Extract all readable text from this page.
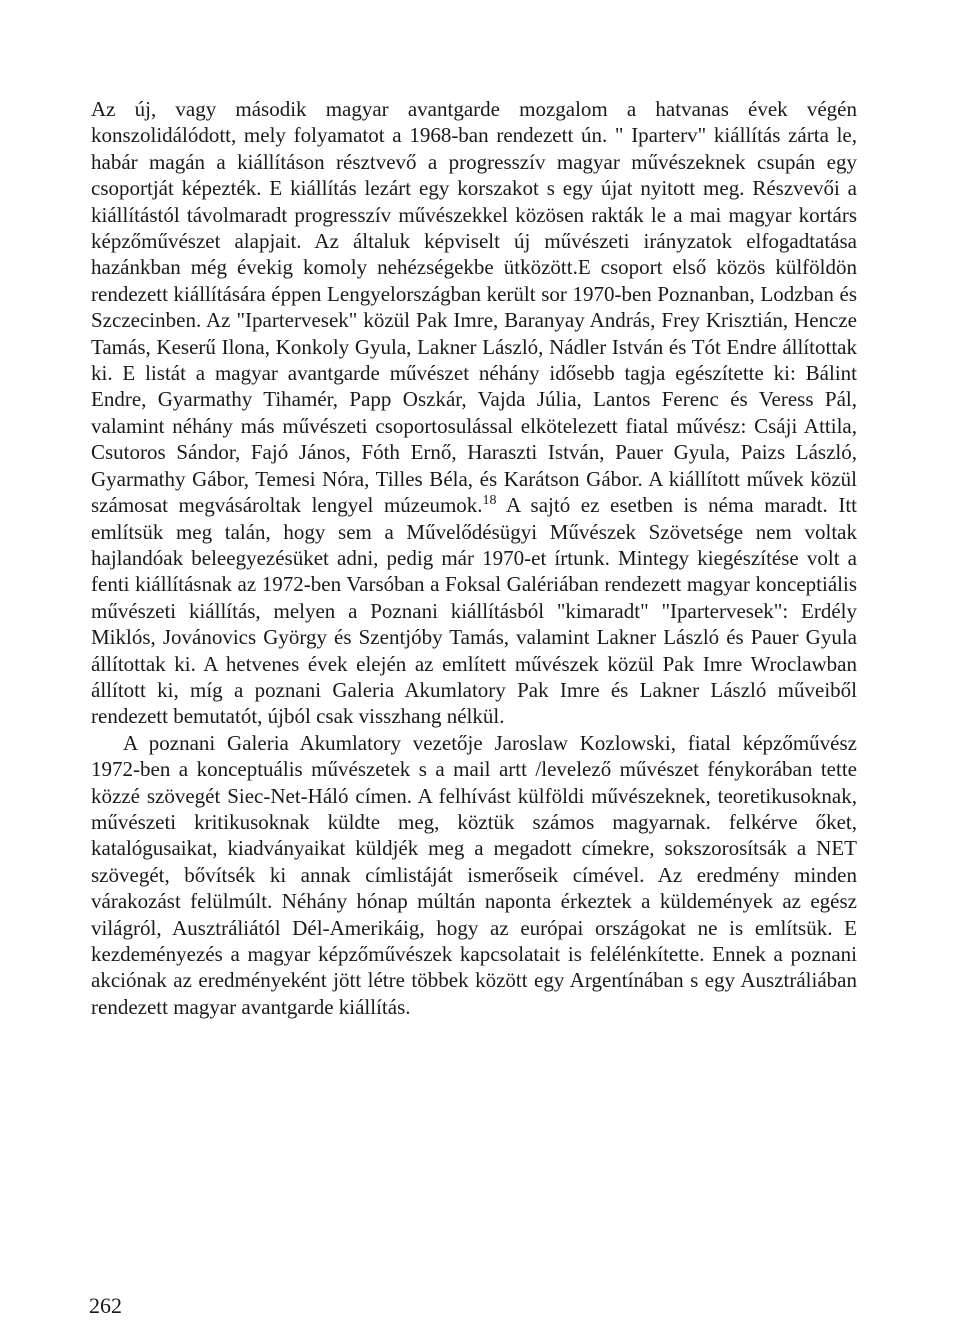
Az új, vagy második magyar avantgarde mozgalom a hatvanas évek végén konszolidálódott, mely folyamatot a 1968-ban rendezett ún. " Iparterv" kiállítás zárta le, habár magán a kiállításon résztvevő a progresszív magyar művészeknek csupán egy csoportját képezték. E kiállítás lezárt egy korszakot s egy újat nyitott meg. Részvevői a kiállítástól távolmaradt progresszív művészekkel közösen rakták le a mai magyar kortárs képzőművészet alapjait. Az általuk képviselt új művészeti irányzatok elfogadtatása hazánkban még évekig komoly nehézségekbe ütközött.E csoport első közös külföldön rendezett kiállítására éppen Lengyelországban került sor 1970-ben Poznanban, Lodzban és Szczecinben. Az "Ipartervesek" közül Pak Imre, Baranyay András, Frey Krisztián, Hencze Tamás, Keserű Ilona, Konkoly Gyula, Lakner László, Nádler István és Tót Endre állítottak ki. E listát a magyar avantgarde művészet néhány idősebb tagja egészítette ki: Bálint Endre, Gyarmathy Tihamér, Papp Oszkár, Vajda Júlia, Lantos Ferenc és Veress Pál, valamint néhány más művészeti csoportosulással elkötelezett fiatal művész: Csáji Attila, Csutoros Sándor, Fajó János, Fóth Ernő, Haraszti István, Pauer Gyula, Paizs László, Gyarmathy Gábor, Temesi Nóra, Tilles Béla, és Karátson Gábor. A kiállított művek közül számosat megvásároltak lengyel múzeumok.$^{18}$ A sajtó ez esetben is néma maradt. Itt említsük meg talán, hogy sem a Művelődésügyi Művészek Szövetsége nem voltak hajlandóak beleegyezésüket adni, pedig már 1970-et írtunk. Mintegy kiegészítése volt a fenti kiállításnak az 1972-ben Varsóban a Foksal Galériában rendezett magyar konceptiális művészeti kiállítás, melyen a Poznani kiállításból "kimaradt" "Ipartervesek": Erdély Miklós, Jovánovics György és Szentjóby Tamás, valamint Lakner László és Pauer Gyula állítottak ki. A hetvenes évek elején az említett művészek közül Pak Imre Wroclawban állított ki, míg a poznani Galeria Akumlatory Pak Imre és Lakner László műveiből rendezett bemutatót, újból csak visszhang nélkül.

A poznani Galeria Akumlatory vezetője Jaroslaw Kozlowski, fiatal képzőművész 1972-ben a konceptuális művészetek s a mail artt /levelező művészet fénykorában tette közzé szövegét Siec-Net-Háló címen. A felhívást külföldi művészeknek, teoretikusoknak, művészeti kritikusoknak küldte meg, köztük számos magyarnak. felkérve őket, katalógusaikat, kiadványaikat küldjék meg a megadott címekre, sokszorosítsák a NET szövegét, bővítsék ki annak címlistáját ismerőseik címével. Az eredmény minden várakozást felülmúlt. Néhány hónap múltán naponta érkeztek a küldemények az egész világról, Ausztráliától Dél-Amerikáig, hogy az európai országokat ne is említsük. E kezdeményezés a magyar képzőművészek kapcsolatait is felélénkítette. Ennek a poznani akciónak az eredményeként jött létre többek között egy Argentínában s egy Ausztráliában rendezett magyar avantgarde kiállítás.

262
